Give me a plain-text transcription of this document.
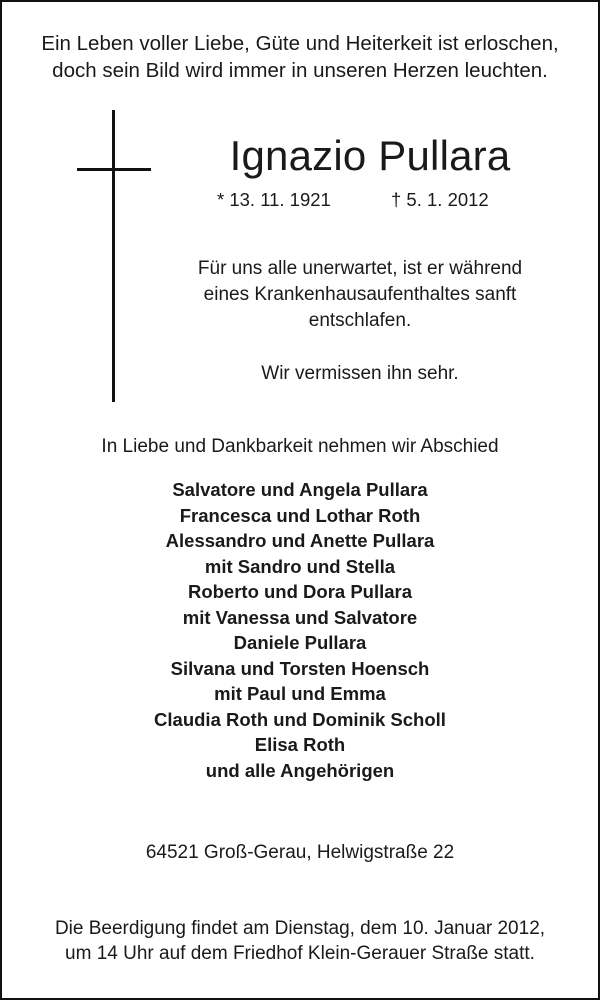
Ein Leben voller Liebe, Güte und Heiterkeit ist erloschen,
doch sein Bild wird immer in unseren Herzen leuchten.
Ignazio Pullara
* 13. 11. 1921	† 5. 1. 2012
Für uns alle unerwartet, ist er während
eines Krankenhausaufenthaltes sanft
entschlafen.
Wir vermissen ihn sehr.
In Liebe und Dankbarkeit nehmen wir Abschied
Salvatore und Angela Pullara
Francesca und Lothar Roth
Alessandro und Anette Pullara
mit Sandro und Stella
Roberto und Dora Pullara
mit Vanessa und Salvatore
Daniele Pullara
Silvana und Torsten Hoensch
mit Paul und Emma
Claudia Roth und Dominik Scholl
Elisa Roth
und alle Angehörigen
64521 Groß-Gerau, Helwigstraße 22
Die Beerdigung findet am Dienstag, dem 10. Januar 2012,
um 14 Uhr auf dem Friedhof Klein-Gerauer Straße statt.
